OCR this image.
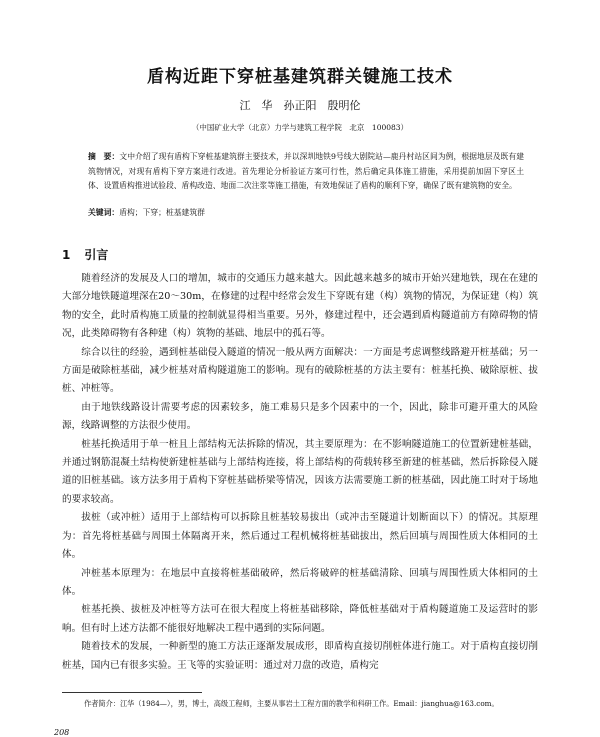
盾构近距下穿桩基建筑群关键施工技术
江　华　孙正阳　殷明伦
（中国矿业大学（北京）力学与建筑工程学院　北京　100083）
摘　要：文中介绍了现有盾构下穿桩基建筑群主要技术，并以深圳地铁9号线大剧院站—鹿丹村站区间为例，根据地层及既有建筑物情况，对现有盾构下穿方案进行改进。首先理论分析验证方案可行性，然后确定具体施工措施，采用提前加固下穿区土体、设置盾构推进试验段、盾构改造、地面二次注浆等施工措施，有效地保证了盾构的顺利下穿，确保了既有建筑物的安全。
关键词：盾构；下穿；桩基建筑群
1 引言

随着经济的发展及人口的增加，城市的交通压力越来越大。因此越来越多的城市开始兴建地铁，现在在建的大部分地铁隧道埋深在20～30m，在修建的过程中经常会发生下穿既有建（构）筑物的情况，为保证建（构）筑物的安全，此时盾构施工质量的控制就显得相当重要。另外，修建过程中，还会遇到盾构隧道前方有障碍物的情况，此类障碍物有各种建（构）筑物的基础、地层中的孤石等。

综合以往的经验，遇到桩基础侵入隧道的情况一般从两方面解决：一方面是考虑调整线路避开桩基础；另一方面是破除桩基础，减少桩基对盾构隧道施工的影响。现有的破除桩基的方法主要有：桩基托换、破除原桩、拔桩、冲桩等。

由于地铁线路设计需要考虑的因素较多，施工难易只是多个因素中的一个，因此，除非可避开重大的风险源，线路调整的方法很少使用。

桩基托换适用于单一桩且上部结构无法拆除的情况，其主要原理为：在不影响隧道施工的位置新建桩基础，并通过钢筋混凝土结构使新建桩基础与上部结构连接，将上部结构的荷载转移至新建的桩基础，然后拆除侵入隧道的旧桩基础。该方法多用于盾构下穿桩基础桥梁等情况，因该方法需要施工新的桩基础，因此施工时对于场地的要求较高。

拔桩（或冲桩）适用于上部结构可以拆除且桩基较易拔出（或冲击至隧道计划断面以下）的情况。其原理为：首先将桩基础与周围土体隔离开来，然后通过工程机械将桩基础拔出，然后回填与周围性质大体相同的土体。

冲桩基本原理为：在地层中直接将桩基础破碎，然后将破碎的桩基础清除、回填与周围性质大体相同的土体。

桩基托换、拔桩及冲桩等方法可在很大程度上将桩基础移除，降低桩基础对于盾构隧道施工及运营时的影响。但有时上述方法都不能很好地解决工程中遇到的实际问题。

随着技术的发展，一种新型的施工方法正逐渐发展成形，即盾构直接切削桩体进行施工。对于盾构直接切削桩基，国内已有很多实验。王飞等的实验证明：通过对刀盘的改造，盾构完

作者简介：江华（1984—），男，博士，高级工程师，主要从事岩土工程方面的教学和科研工作。Email：jianghua@163.com。
208
